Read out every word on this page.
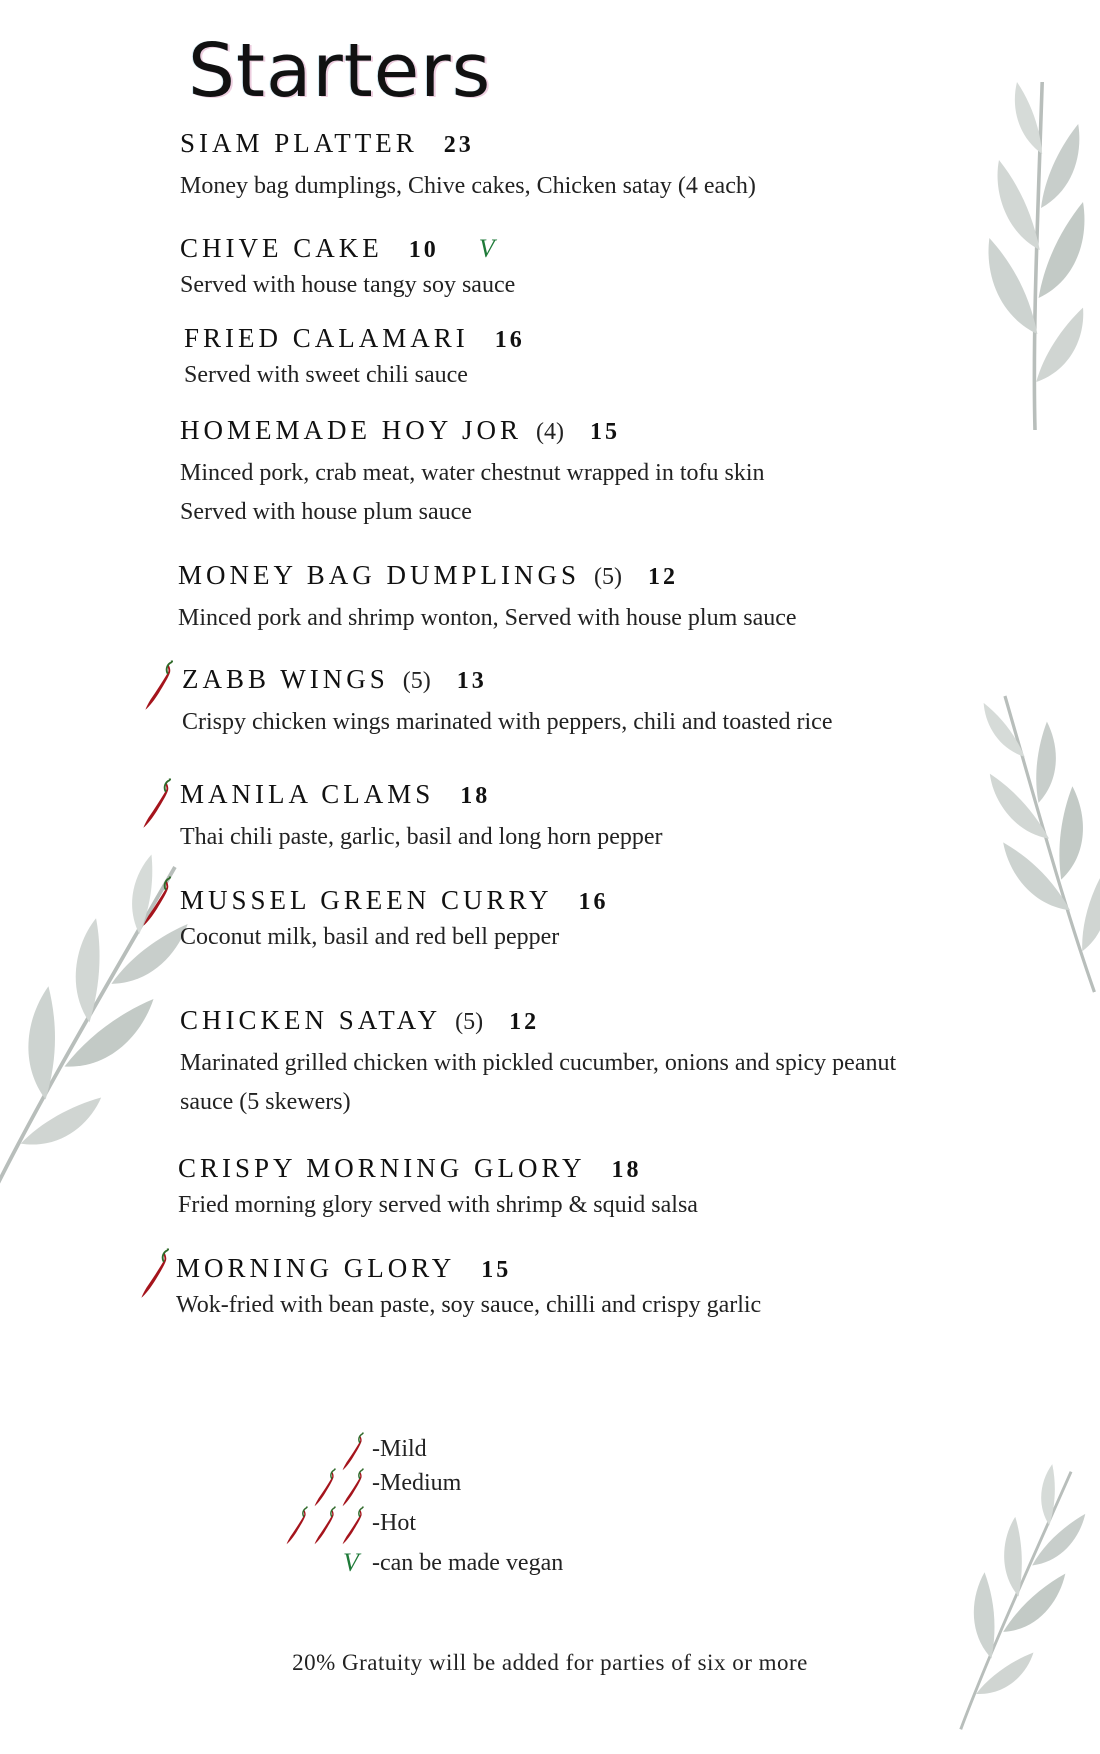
Starters
SIAM PLATTER 23
Money bag dumplings, Chive cakes, Chicken satay (4 each)
CHIVE CAKE 10 V
Served with house tangy soy sauce
FRIED CALAMARI 16
Served with sweet chili sauce
HOMEMADE HOY JOR (4) 15
Minced pork, crab meat, water chestnut wrapped in tofu skin
Served with house plum sauce
MONEY BAG DUMPLINGS (5) 12
Minced pork and shrimp wonton, Served with house plum sauce
ZABB WINGS (5) 13
Crispy chicken wings marinated with peppers, chili and toasted rice
MANILA CLAMS 18
Thai chili paste, garlic, basil and long horn pepper
MUSSEL GREEN CURRY 16
Coconut milk, basil and red bell pepper
CHICKEN SATAY (5) 12
Marinated grilled chicken with pickled cucumber, onions and spicy peanut sauce (5 skewers)
CRISPY MORNING GLORY 18
Fried morning glory served with shrimp & squid salsa
MORNING GLORY 15
Wok-fried with bean paste, soy sauce, chilli and crispy garlic
-Mild
-Medium
-Hot
V -can be made vegan
20% Gratuity will be added for parties of six or more
